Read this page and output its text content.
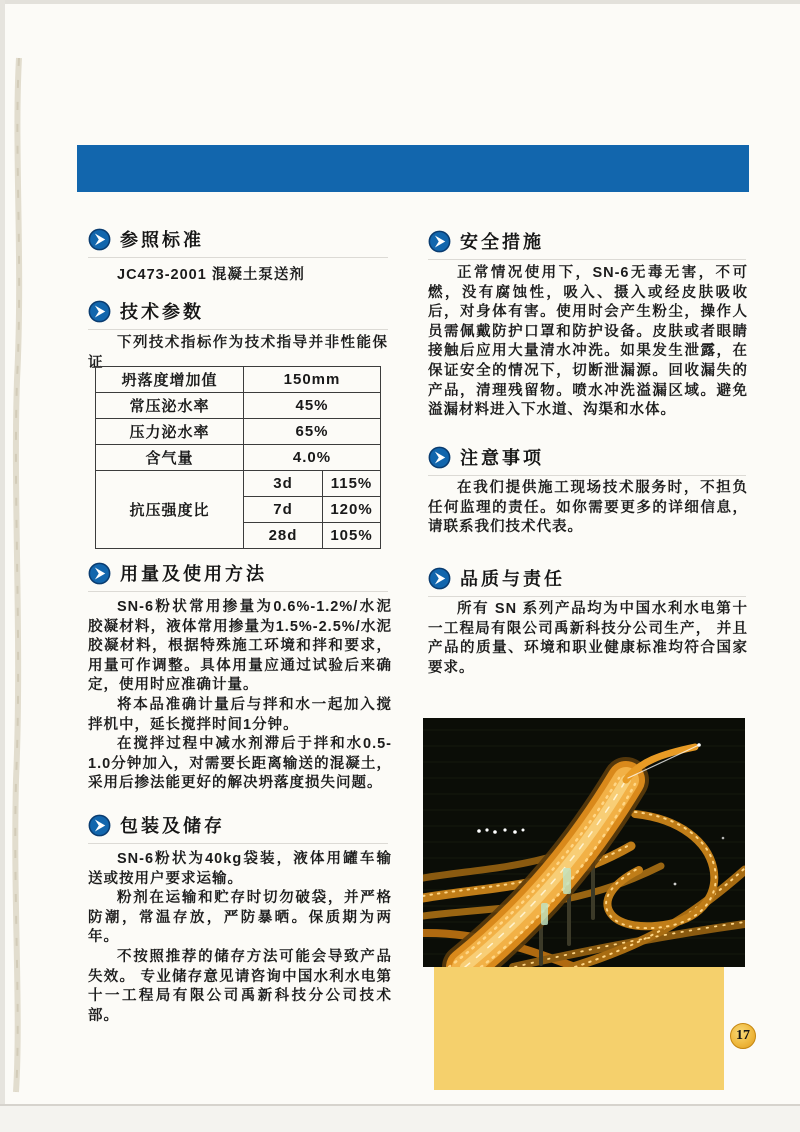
参照标准

JC473-2001 混凝土泵送剂

技术参数

下列技术指标作为技术指导并非性能保证

坍落度增加值	150mm	
常压泌水率	45%	
压力泌水率	65%	
含气量	4.0%	
抗压强度比	3d	115%
	7d	120%
	28d	105%
用量及使用方法

SN-6粉状常用掺量为0.6%-1.2%/水泥胶凝材料，液体常用掺量为1.5%-2.5%/水泥胶凝材料，根据特殊施工环境和拌和要求，用量可作调整。具体用量应通过试验后来确定，使用时应准确计量。

将本品准确计量后与拌和水一起加入搅拌机中，延长搅拌时间1分钟。

在搅拌过程中减水剂滞后于拌和水0.5-1.0分钟加入，对需要长距离输送的混凝土，采用后掺法能更好的解决坍落度损失问题。

包装及储存

SN-6粉状为40kg袋装，液体用罐车输送或按用户要求运输。

粉剂在运输和贮存时切勿破袋，并严格防潮，常温存放，严防暴晒。保质期为两年。

不按照推荐的储存方法可能会导致产品失效。 专业储存意见请咨询中国水利水电第十一工程局有限公司禹新科技分公司技术部。

安全措施

正常情况使用下，SN-6无毒无害，不可燃，没有腐蚀性，吸入、摄入或经皮肤吸收后，对身体有害。使用时会产生粉尘，操作人员需佩戴防护口罩和防护设备。皮肤或者眼睛接触后应用大量清水冲洗。如果发生泄露，在保证安全的情况下，切断泄漏源。回收漏失的产品，清理残留物。喷水冲洗溢漏区域。避免溢漏材料进入下水道、沟渠和水体。

注意事项

在我们提供施工现场技术服务时，不担负任何监理的责任。如你需要更多的详细信息，请联系我们技术代表。

品质与责任

所有 SN 系列产品均为中国水利水电第十一工程局有限公司禹新科技分公司生产， 并且产品的质量、环境和职业健康标准均符合国家要求。

17
